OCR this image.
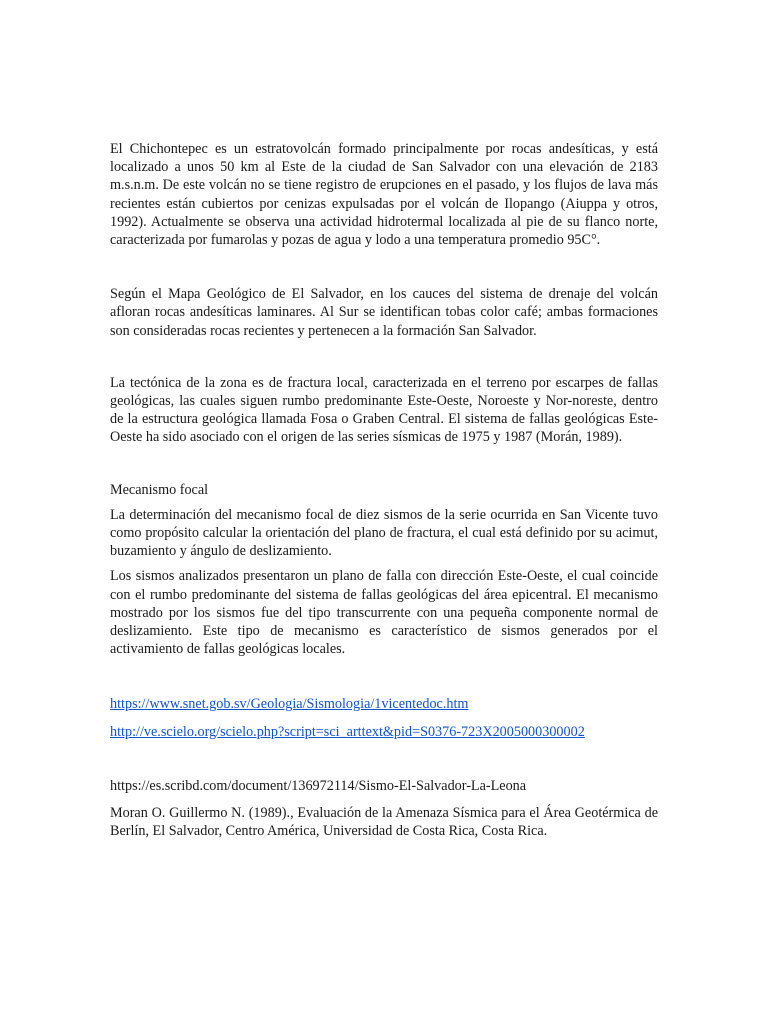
El Chichontepec es un estratovolcán formado principalmente por rocas andesíticas, y está localizado a unos 50 km al Este de la ciudad de San Salvador con una elevación de 2183 m.s.n.m. De este volcán no se tiene registro de erupciones en el pasado, y los flujos de lava más recientes están cubiertos por cenizas expulsadas por el volcán de Ilopango (Aiuppa y otros, 1992). Actualmente se observa una actividad hidrotermal localizada al pie de su flanco norte, caracterizada por fumarolas y pozas de agua y lodo a una temperatura promedio 95C°.

Según el Mapa Geológico de El Salvador, en los cauces del sistema de drenaje del volcán afloran rocas andesíticas laminares. Al Sur se identifican tobas color café; ambas formaciones son consideradas rocas recientes y pertenecen a la formación San Salvador.

La tectónica de la zona es de fractura local, caracterizada en el terreno por escarpes de fallas geológicas, las cuales siguen rumbo predominante Este-Oeste, Noroeste y Nor-noreste, dentro de la estructura geológica llamada Fosa o Graben Central. El sistema de fallas geológicas Este-Oeste ha sido asociado con el origen de las series sísmicas de 1975 y 1987 (Morán, 1989).

Mecanismo focal

La determinación del mecanismo focal de diez sismos de la serie ocurrida en San Vicente tuvo como propósito calcular la orientación del plano de fractura, el cual está definido por su acimut, buzamiento y ángulo de deslizamiento.

Los sismos analizados presentaron un plano de falla con dirección Este-Oeste, el cual coincide con el rumbo predominante del sistema de fallas geológicas del área epicentral. El mecanismo mostrado por los sismos fue del tipo transcurrente con una pequeña componente normal de deslizamiento. Este tipo de mecanismo es característico de sismos generados por el activamiento de fallas geológicas locales.

https://www.snet.gob.sv/Geologia/Sismologia/1vicentedoc.htm

http://ve.scielo.org/scielo.php?script=sci_arttext&pid=S0376-723X2005000300002

https://es.scribd.com/document/136972114/Sismo-El-Salvador-La-Leona

Moran O. Guillermo N. (1989)., Evaluación de la Amenaza Sísmica para el Área Geotérmica de Berlín, El Salvador, Centro América, Universidad de Costa Rica, Costa Rica.
